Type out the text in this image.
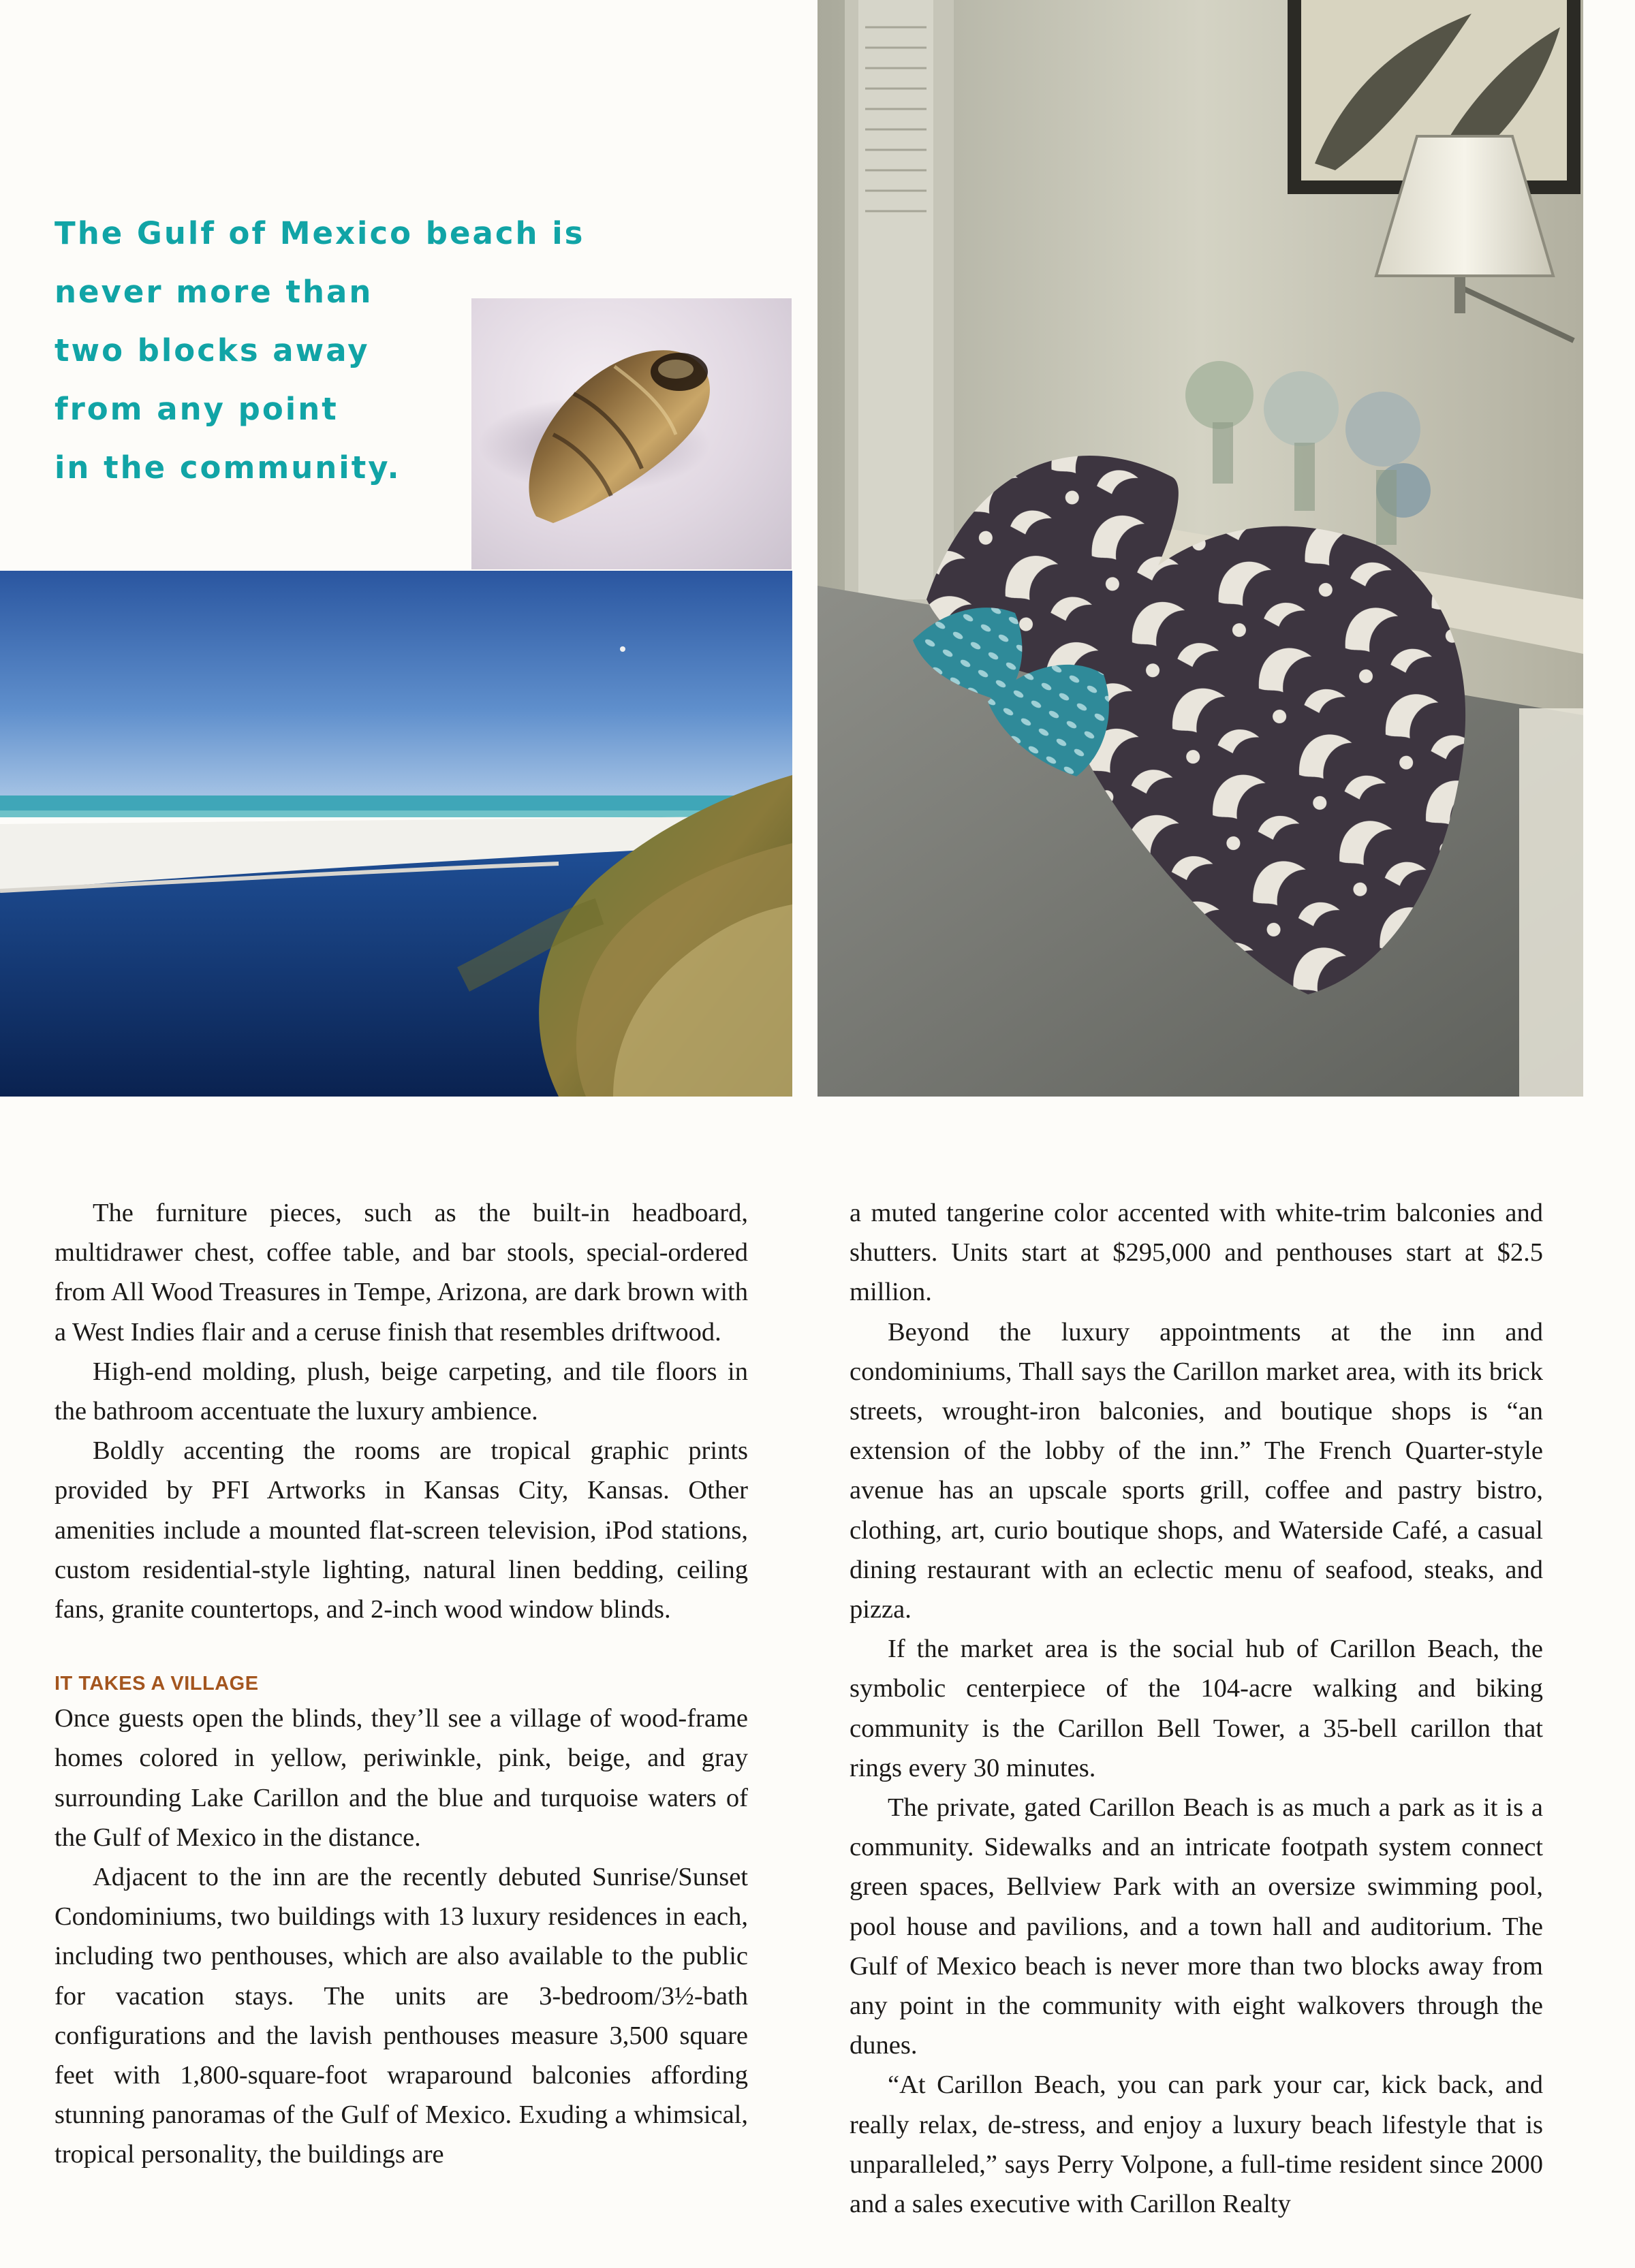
The Gulf of Mexico beach is
never more than
two blocks away
from any point
in the community.

The furniture pieces, such as the built-in headboard, multidrawer chest, coffee table, and bar stools, special-ordered from All Wood Treasures in Tempe, Arizona, are dark brown with a West Indies flair and a ceruse finish that resembles driftwood.

High-end molding, plush, beige carpeting, and tile floors in the bathroom accentuate the luxury ambience.

Boldly accenting the rooms are tropical graphic prints provided by PFI Artworks in Kansas City, Kansas. Other amenities include a mounted flat-screen television, iPod stations, custom residential-style lighting, natural linen bedding, ceiling fans, granite countertops, and 2-inch wood window blinds.

IT TAKES A VILLAGE

Once guests open the blinds, they’ll see a village of wood-frame homes colored in yellow, periwinkle, pink, beige, and gray surrounding Lake Carillon and the blue and turquoise waters of the Gulf of Mexico in the distance.

Adjacent to the inn are the recently debuted Sunrise/Sunset Condominiums, two buildings with 13 luxury residences in each, including two penthouses, which are also available to the public for vacation stays. The units are 3-bedroom/3½-bath configurations and the lavish penthouses measure 3,500 square feet with 1,800-square-foot wraparound balconies affording stunning panoramas of the Gulf of Mexico. Exuding a whimsical, tropical personality, the buildings are

a muted tangerine color accented with white-trim balconies and shutters. Units start at $295,000 and penthouses start at $2.5 million.

Beyond the luxury appointments at the inn and condominiums, Thall says the Carillon market area, with its brick streets, wrought-iron balconies, and boutique shops is “an extension of the lobby of the inn.” The French Quarter-style avenue has an upscale sports grill, coffee and pastry bistro, clothing, art, curio boutique shops, and Waterside Café, a casual dining restaurant with an eclectic menu of seafood, steaks, and pizza.

If the market area is the social hub of Carillon Beach, the symbolic centerpiece of the 104-acre walking and biking community is the Carillon Bell Tower, a 35-bell carillon that rings every 30 minutes.

The private, gated Carillon Beach is as much a park as it is a community. Sidewalks and an intricate footpath system connect green spaces, Bellview Park with an oversize swimming pool, pool house and pavilions, and a town hall and auditorium. The Gulf of Mexico beach is never more than two blocks away from any point in the community with eight walkovers through the dunes.

“At Carillon Beach, you can park your car, kick back, and really relax, de-stress, and enjoy a luxury beach lifestyle that is unparalleled,” says Perry Volpone, a full-time resident since 2000 and a sales executive with Carillon Realty
